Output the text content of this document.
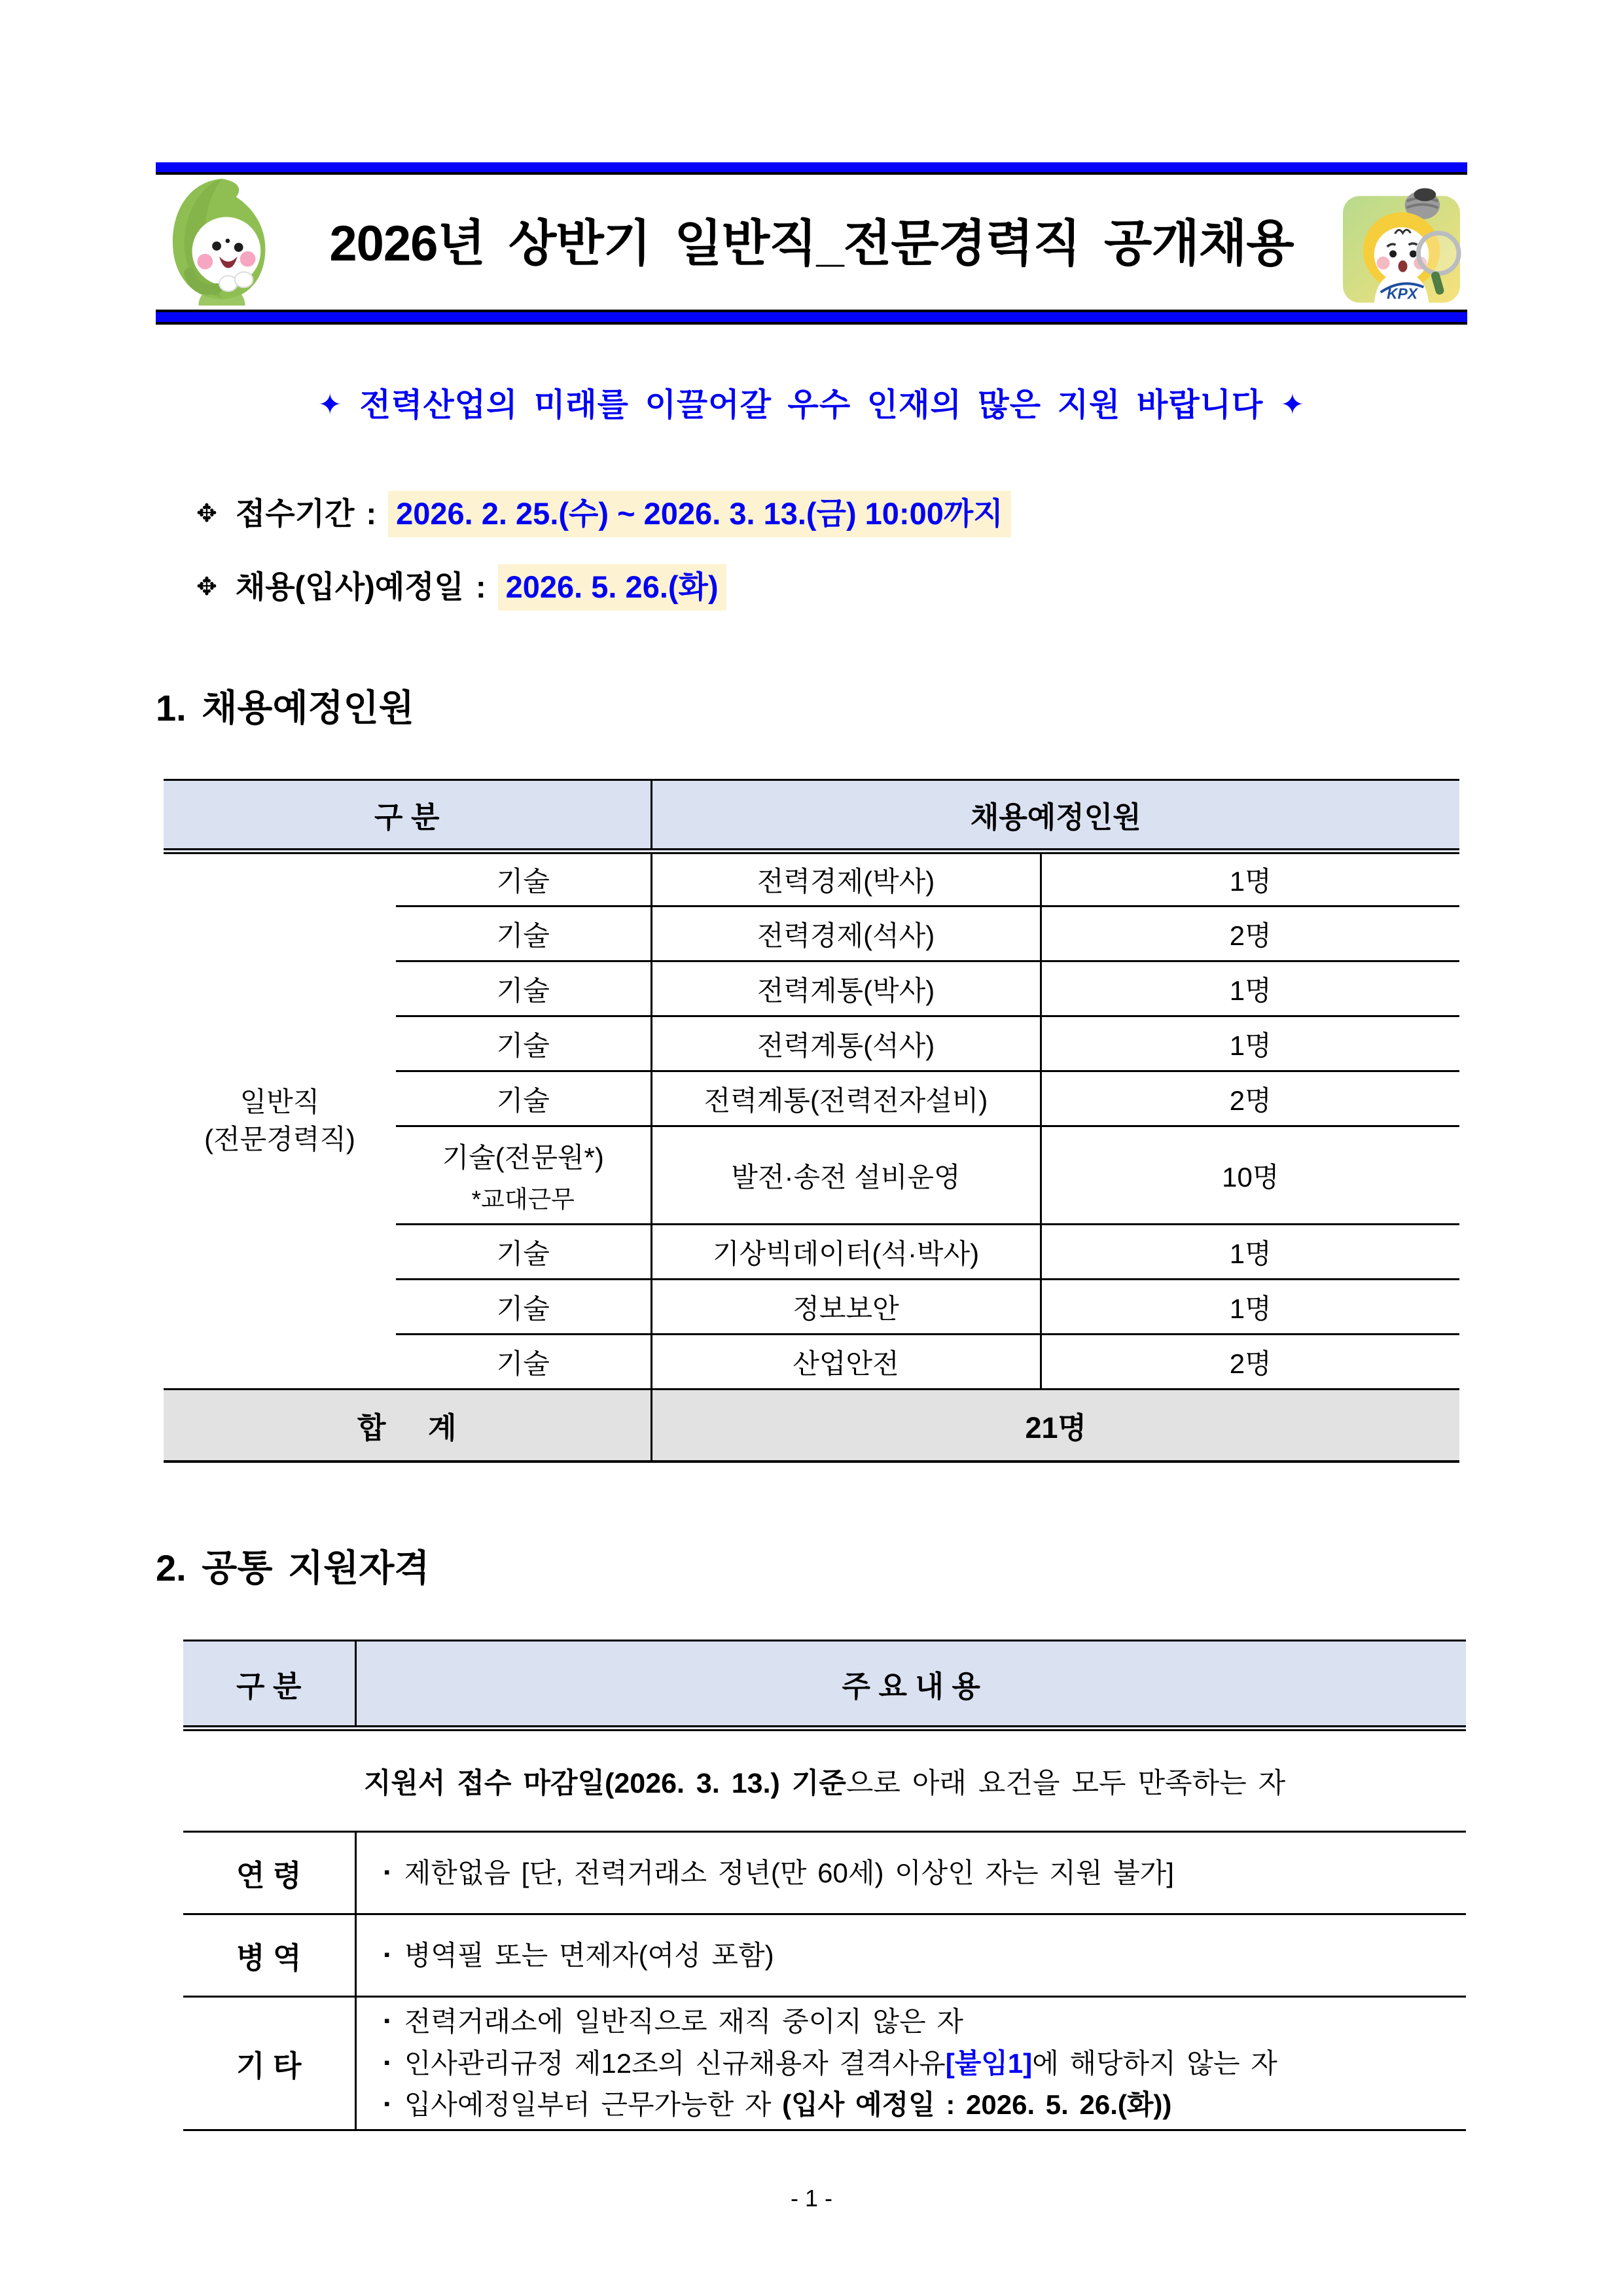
2026년 상반기 일반직_전문경력직 공개채용
KPX
✦ 전력산업의 미래를 이끌어갈 우수 인재의 많은 지원 바랍니다 ✦
✥ 접수기간 : 2026. 2. 25.(수) ~ 2026. 3. 13.(금) 10:00까지
✥ 채용(입사)예정일 : 2026. 5. 26.(화)
1. 채용예정인원
구 분		채용예정인원	

일반직
(전문경력직)	기술	전력경제(박사)	1명
	기술	전력경제(석사)	2명
	기술	전력계통(박사)	1명
	기술	전력계통(석사)	1명
	기술	전력계통(전력전자설비)	2명

	기술(전문원*)
*교대근무	발전·송전 설비운영	10명
	기술	기상빅데이터(석·박사)	1명
	기술	정보보안	1명
	기술	산업안전	2명
합 계		21명	
2. 공통 지원자격
구 분	주 요 내 용
지원서 접수 마감일(2026. 3. 13.) 기준으로 아래 요건을 모두 만족하는 자	
연 령	▪ 제한없음 [단, 전력거래소 정년(만 60세) 이상인 자는 지원 불가]

병 역	▪ 병역필 또는 면제자(여성 포함)

기 타	▪ 전력거래소에 일반직으로 재직 중이지 않은 자
▪ 인사관리규정 제12조의 신규채용자 결격사유[붙임1]에 해당하지 않는 자
▪ 입사예정일부터 근무가능한 자 (입사 예정일 : 2026. 5. 26.(화))
- 1 -
